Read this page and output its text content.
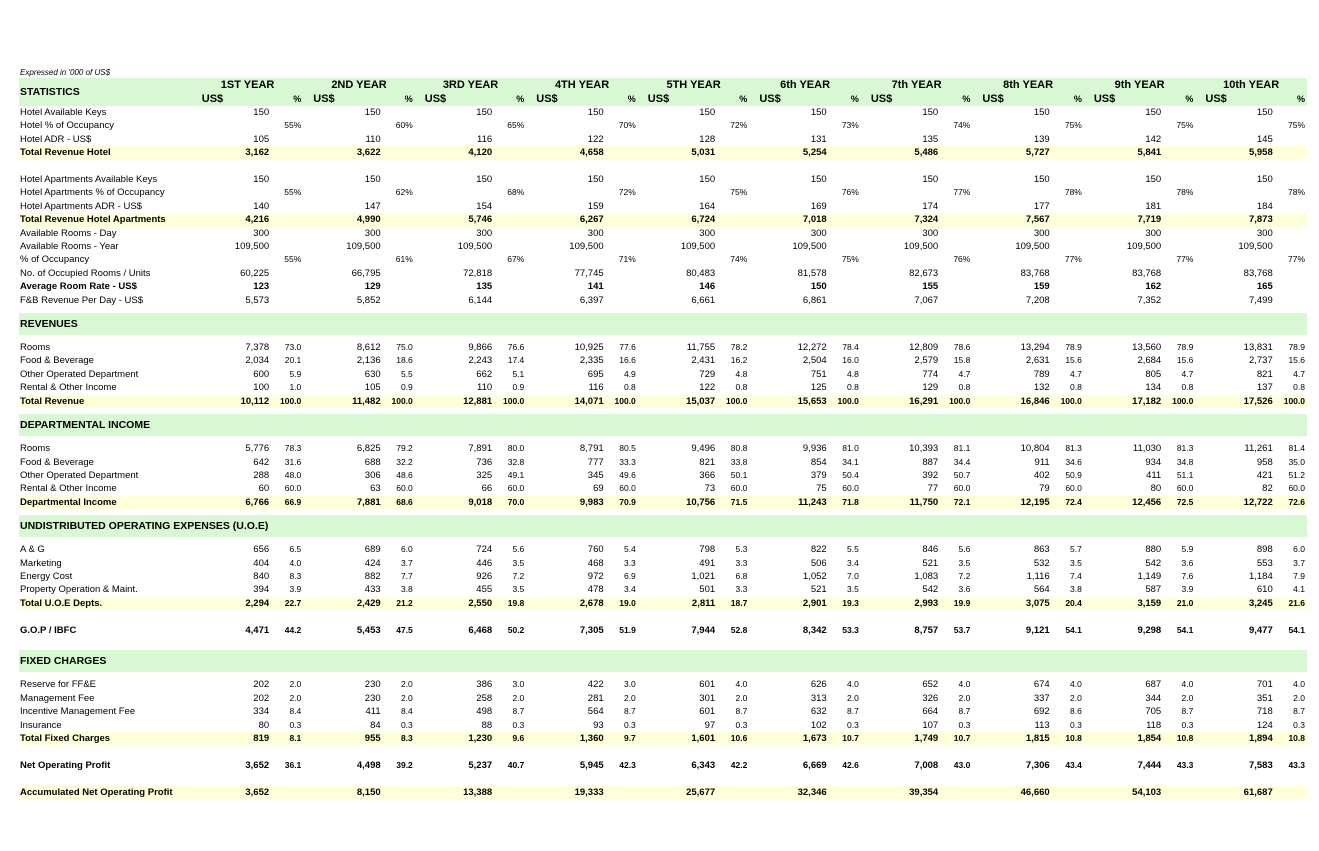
Expressed in '000 of US$
STATISTICS	1ST YEAR		2ND YEAR		3RD YEAR		4TH YEAR		5TH YEAR		6th YEAR		7th YEAR		8th YEAR		9th YEAR		10th YEAR	
	US$	%	US$	%	US$	%	US$	%	US$	%	US$	%	US$	%	US$	%	US$	%	US$	%
Hotel Available Keys	150		150		150		150		150		150		150		150		150		150	
Hotel % of Occupancy		55%		60%		65%		70%		72%		73%		74%		75%		75%		75%
Hotel ADR - US$	105		110		116		122		128		131		135		139		142		145	
Total Revenue Hotel	3,162		3,622		4,120		4,658		5,031		5,254		5,486		5,727		5,841		5,958	

Hotel Apartments Available Keys	150		150		150		150		150		150		150		150		150		150	
Hotel Apartments % of Occupancy		55%		62%		68%		72%		75%		76%		77%		78%		78%		78%
Hotel Apartments ADR - US$	140		147		154		159		164		169		174		177		181		184	
Total Revenue Hotel Apartments	4,216		4,990		5,746		6,267		6,724		7,018		7,324		7,567		7,719		7,873	
Available Rooms - Day	300		300		300		300		300		300		300		300		300		300	
Available Rooms - Year	109,500		109,500		109,500		109,500		109,500		109,500		109,500		109,500		109,500		109,500	
% of Occupancy		55%		61%		67%		71%		74%		75%		76%		77%		77%		77%
No. of Occupied Rooms / Units	60,225		66,795		72,818		77,745		80,483		81,578		82,673		83,768		83,768		83,768	
Average Room Rate - US$	123		129		135		141		146		150		155		159		162		165	
F&B Revenue Per Day - US$	5,573		5,852		6,144		6,397		6,661		6,861		7,067		7,208		7,352		7,499	

REVENUES																				

Rooms	7,378	73.0	8,612	75.0	9,866	76.6	10,925	77.6	11,755	78.2	12,272	78.4	12,809	78.6	13,294	78.9	13,560	78.9	13,831	78.9
Food & Beverage	2,034	20.1	2,136	18.6	2,243	17.4	2,335	16.6	2,431	16.2	2,504	16.0	2,579	15.8	2,631	15.6	2,684	15.6	2,737	15.6
Other Operated Department	600	5.9	630	5.5	662	5.1	695	4.9	729	4.8	751	4.8	774	4.7	789	4.7	805	4.7	821	4.7
Rental & Other Income	100	1.0	105	0.9	110	0.9	116	0.8	122	0.8	125	0.8	129	0.8	132	0.8	134	0.8	137	0.8
Total Revenue	10,112	100.0	11,482	100.0	12,881	100.0	14,071	100.0	15,037	100.0	15,653	100.0	16,291	100.0	16,846	100.0	17,182	100.0	17,526	100.0

DEPARTMENTAL INCOME																				

Rooms	5,776	78.3	6,825	79.2	7,891	80.0	8,791	80.5	9,496	80.8	9,936	81.0	10,393	81.1	10,804	81.3	11,030	81.3	11,261	81.4
Food & Beverage	642	31.6	688	32.2	736	32.8	777	33.3	821	33.8	854	34.1	887	34.4	911	34.6	934	34.8	958	35.0
Other Operated Department	288	48.0	306	48.6	325	49.1	345	49.6	366	50.1	379	50.4	392	50.7	402	50.9	411	51.1	421	51.2
Rental & Other Income	60	60.0	63	60.0	66	60.0	69	60.0	73	60.0	75	60.0	77	60.0	79	60.0	80	60.0	82	60.0
Departmental Income	6,766	66.9	7,881	68.6	9,018	70.0	9,983	70.9	10,756	71.5	11,243	71.8	11,750	72.1	12,195	72.4	12,456	72.5	12,722	72.6

UNDISTRIBUTED OPERATING EXPENSES (U.O.E)																				

A & G	656	6.5	689	6.0	724	5.6	760	5.4	798	5.3	822	5.5	846	5.6	863	5.7	880	5.9	898	6.0
Marketing	404	4.0	424	3.7	446	3.5	468	3.3	491	3.3	506	3.4	521	3.5	532	3.5	542	3.6	553	3.7
Energy Cost	840	8.3	882	7.7	926	7.2	972	6.9	1,021	6.8	1,052	7.0	1,083	7.2	1,116	7.4	1,149	7.6	1,184	7.9
Property Operation & Maint.	394	3.9	433	3.8	455	3.5	478	3.4	501	3.3	521	3.5	542	3.6	564	3.8	587	3.9	610	4.1
Total U.O.E Depts.	2,294	22.7	2,429	21.2	2,550	19.8	2,678	19.0	2,811	18.7	2,901	19.3	2,993	19.9	3,075	20.4	3,159	21.0	3,245	21.6

G.O.P / IBFC	4,471	44.2	5,453	47.5	6,468	50.2	7,305	51.9	7,944	52.8	8,342	53.3	8,757	53.7	9,121	54.1	9,298	54.1	9,477	54.1

FIXED CHARGES																				

Reserve for FF&E	202	2.0	230	2.0	386	3.0	422	3.0	601	4.0	626	4.0	652	4.0	674	4.0	687	4.0	701	4.0
Management Fee	202	2.0	230	2.0	258	2.0	281	2.0	301	2.0	313	2.0	326	2.0	337	2.0	344	2.0	351	2.0
Incentive Management Fee	334	8.4	411	8.4	498	8.7	564	8.7	601	8.7	632	8.7	664	8.7	692	8.6	705	8.7	718	8.7
Insurance	80	0.3	84	0.3	88	0.3	93	0.3	97	0.3	102	0.3	107	0.3	113	0.3	118	0.3	124	0.3
Total Fixed Charges	819	8.1	955	8.3	1,230	9.6	1,360	9.7	1,601	10.6	1,673	10.7	1,749	10.7	1,815	10.8	1,854	10.8	1,894	10.8

Net Operating Profit	3,652	36.1	4,498	39.2	5,237	40.7	5,945	42.3	6,343	42.2	6,669	42.6	7,008	43.0	7,306	43.4	7,444	43.3	7,583	43.3

Accumulated Net Operating Profit	3,652		8,150		13,388		19,333		25,677		32,346		39,354		46,660		54,103		61,687	
